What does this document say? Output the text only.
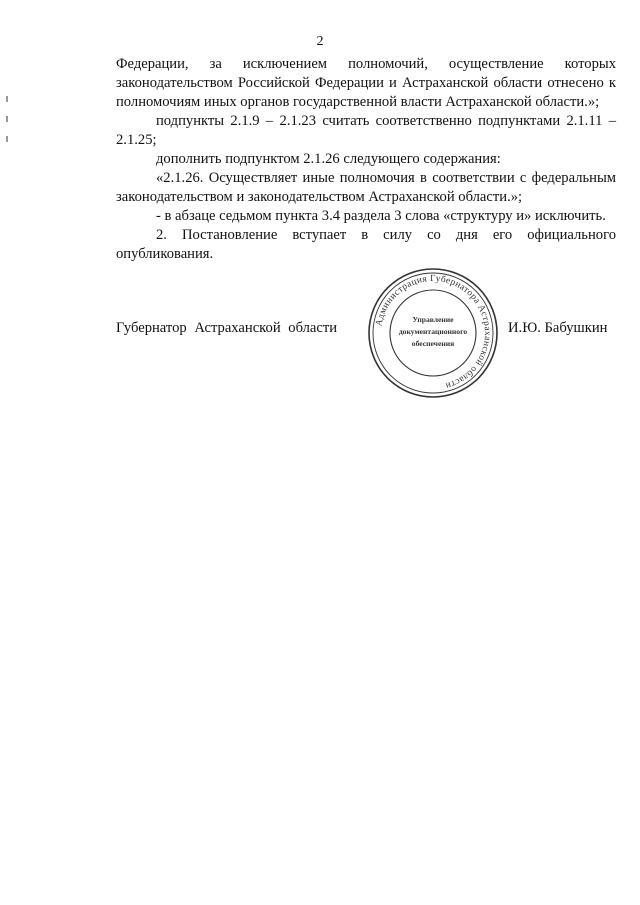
2

Федерации, за исключением полномочий, осуществление которых законодательством Российской Федерации и Астраханской области отнесено к полномочиям иных органов государственной власти Астраханской области.»;

подпункты 2.1.9 – 2.1.23 считать соответственно подпунктами 2.1.11 – 2.1.25;

дополнить подпунктом 2.1.26 следующего содержания:

«2.1.26. Осуществляет иные полномочия в соответствии с федеральным законодательством и законодательством Астраханской области.»;

- в абзаце седьмом пункта 3.4 раздела 3 слова «структуру и» исключить.

2. Постановление вступает в силу со дня его официального опубликования.

Губернатор Астраханской области	Администрация Губернатора Астраханской области
Управление
документационного
обеспечения
И.Ю. Бабушкин
